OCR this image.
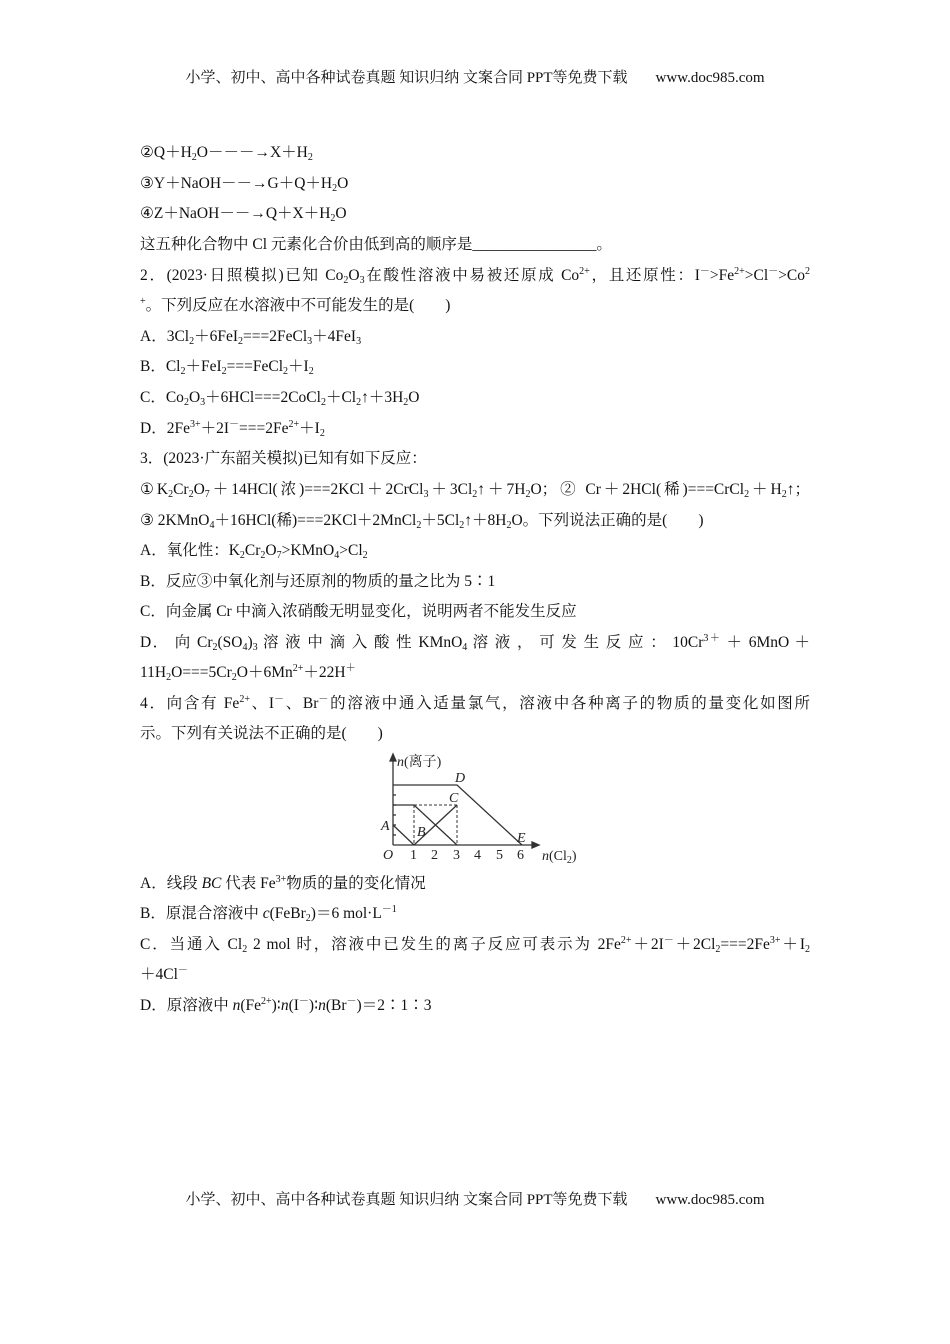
小学、初中、高中各种试卷真题 知识归纳 文案合同 PPT等免费下载 www.doc985.com
$②Q+H_2O---\to X+H_2$
$③Y+NaOH--\to G+Q+H_2O$
$④Z+NaOH--\to Q+X+H_2O$
这五种化合物中 Cl 元素化合价由低到高的顺序是________________。
2．(2023·日照模拟)已知 $Co_2O_3$在酸性溶液中易被还原成 $Co^{2+}$，且还原性：$I^->Fe^{2+}>Cl^->Co^2$
+。下列反应在水溶液中不可能发生的是(　　)
A．$3Cl_2+6FeI_2===2FeCl_3+4FeI_3$
B．$Cl_2+FeI_2===FeCl_2+I_2$
C．$Co_2O_3+6HCl===2CoCl_2+Cl_2↑+3H_2O$
D．$2Fe^{3+}+2I^-===2Fe^{2+}+I_2$
3．(2023·广东韶关模拟)已知有如下反应：
$①K_2Cr_2O_7+14HCl$(浓)$===2KCl+2CrCl_3+3Cl_2↑+7H_2O$；② Cr＋2HCl(稀)$===CrCl_2+H_2↑$；
③ 2KMnO$_4$＋16HCl(稀)$===2KCl+2MnCl_2+5Cl_2↑+8H_2O$。下列说法正确的是(　　)
A．氧化性：$K_2Cr_2O_7>KMnO_4>Cl_2$
B．反应③中氧化剂与还原剂的物质的量之比为 5∶1
C．向金属 Cr 中滴入浓硝酸无明显变化，说明两者不能发生反应
D． 向 $Cr_2(SO_4)_3$ 溶 液 中 滴 入 酸 性 KMnO$_4$ 溶 液 ， 可 发 生 反 应 ： $10Cr^{3+} + 6MnO$ ＋
$11H_2O===5Cr_2O+6Mn^{2+}+22H^+$
4．向含有 $Fe^{2+}$、I－、Br－的溶液中通入适量氯气，溶液中各种离子的物质的量变化如图所
示。下列有关说法不正确的是(　　)
A．线段 BC 代表 $Fe^{3+}$物质的量的变化情况
B．原混合溶液中 c(FeBr$_2$)＝6 $mol\cdot L^{-1}$
C．当通入 $Cl_2$ 2 mol 时，溶液中已发生的离子反应可表示为 $2Fe^{2+}+2I^-+2Cl_2===2Fe^{3+}+I_2$
＋4Cl－
D．原溶液中 $n(Fe^{2+})∶n(I^-)∶n(Br^-)=2∶1∶3$
n(离子)
$n(Cl_2)$
O 1 2 3 4 5 6
A B
C
D
E
小学、初中、高中各种试卷真题 知识归纳 文案合同 PPT等免费下载 www.doc985.com
